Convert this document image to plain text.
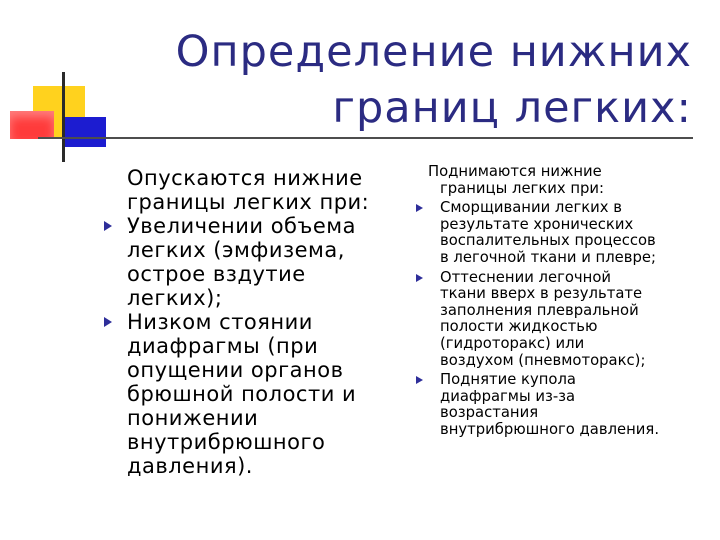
Определение нижних
границ легких:
Опускаются нижние
границы легких при:
Увеличении объема
легких (эмфизема,
острое вздутие
легких);
Низком стоянии
диафрагмы (при
опущении органов
брюшной полости и
понижении
внутрибрюшного
давления).
Поднимаются нижние
границы легких при:
Сморщивании легких в
результате хронических
воспалительных процессов
в легочной ткани и плевре;
Оттеснении легочной
ткани вверх в результате
заполнения плевральной
полости жидкостью
(гидроторакс) или
воздухом (пневмоторакс);
Поднятие купола
диафрагмы из-за
возрастания
внутрибрюшного давления.
